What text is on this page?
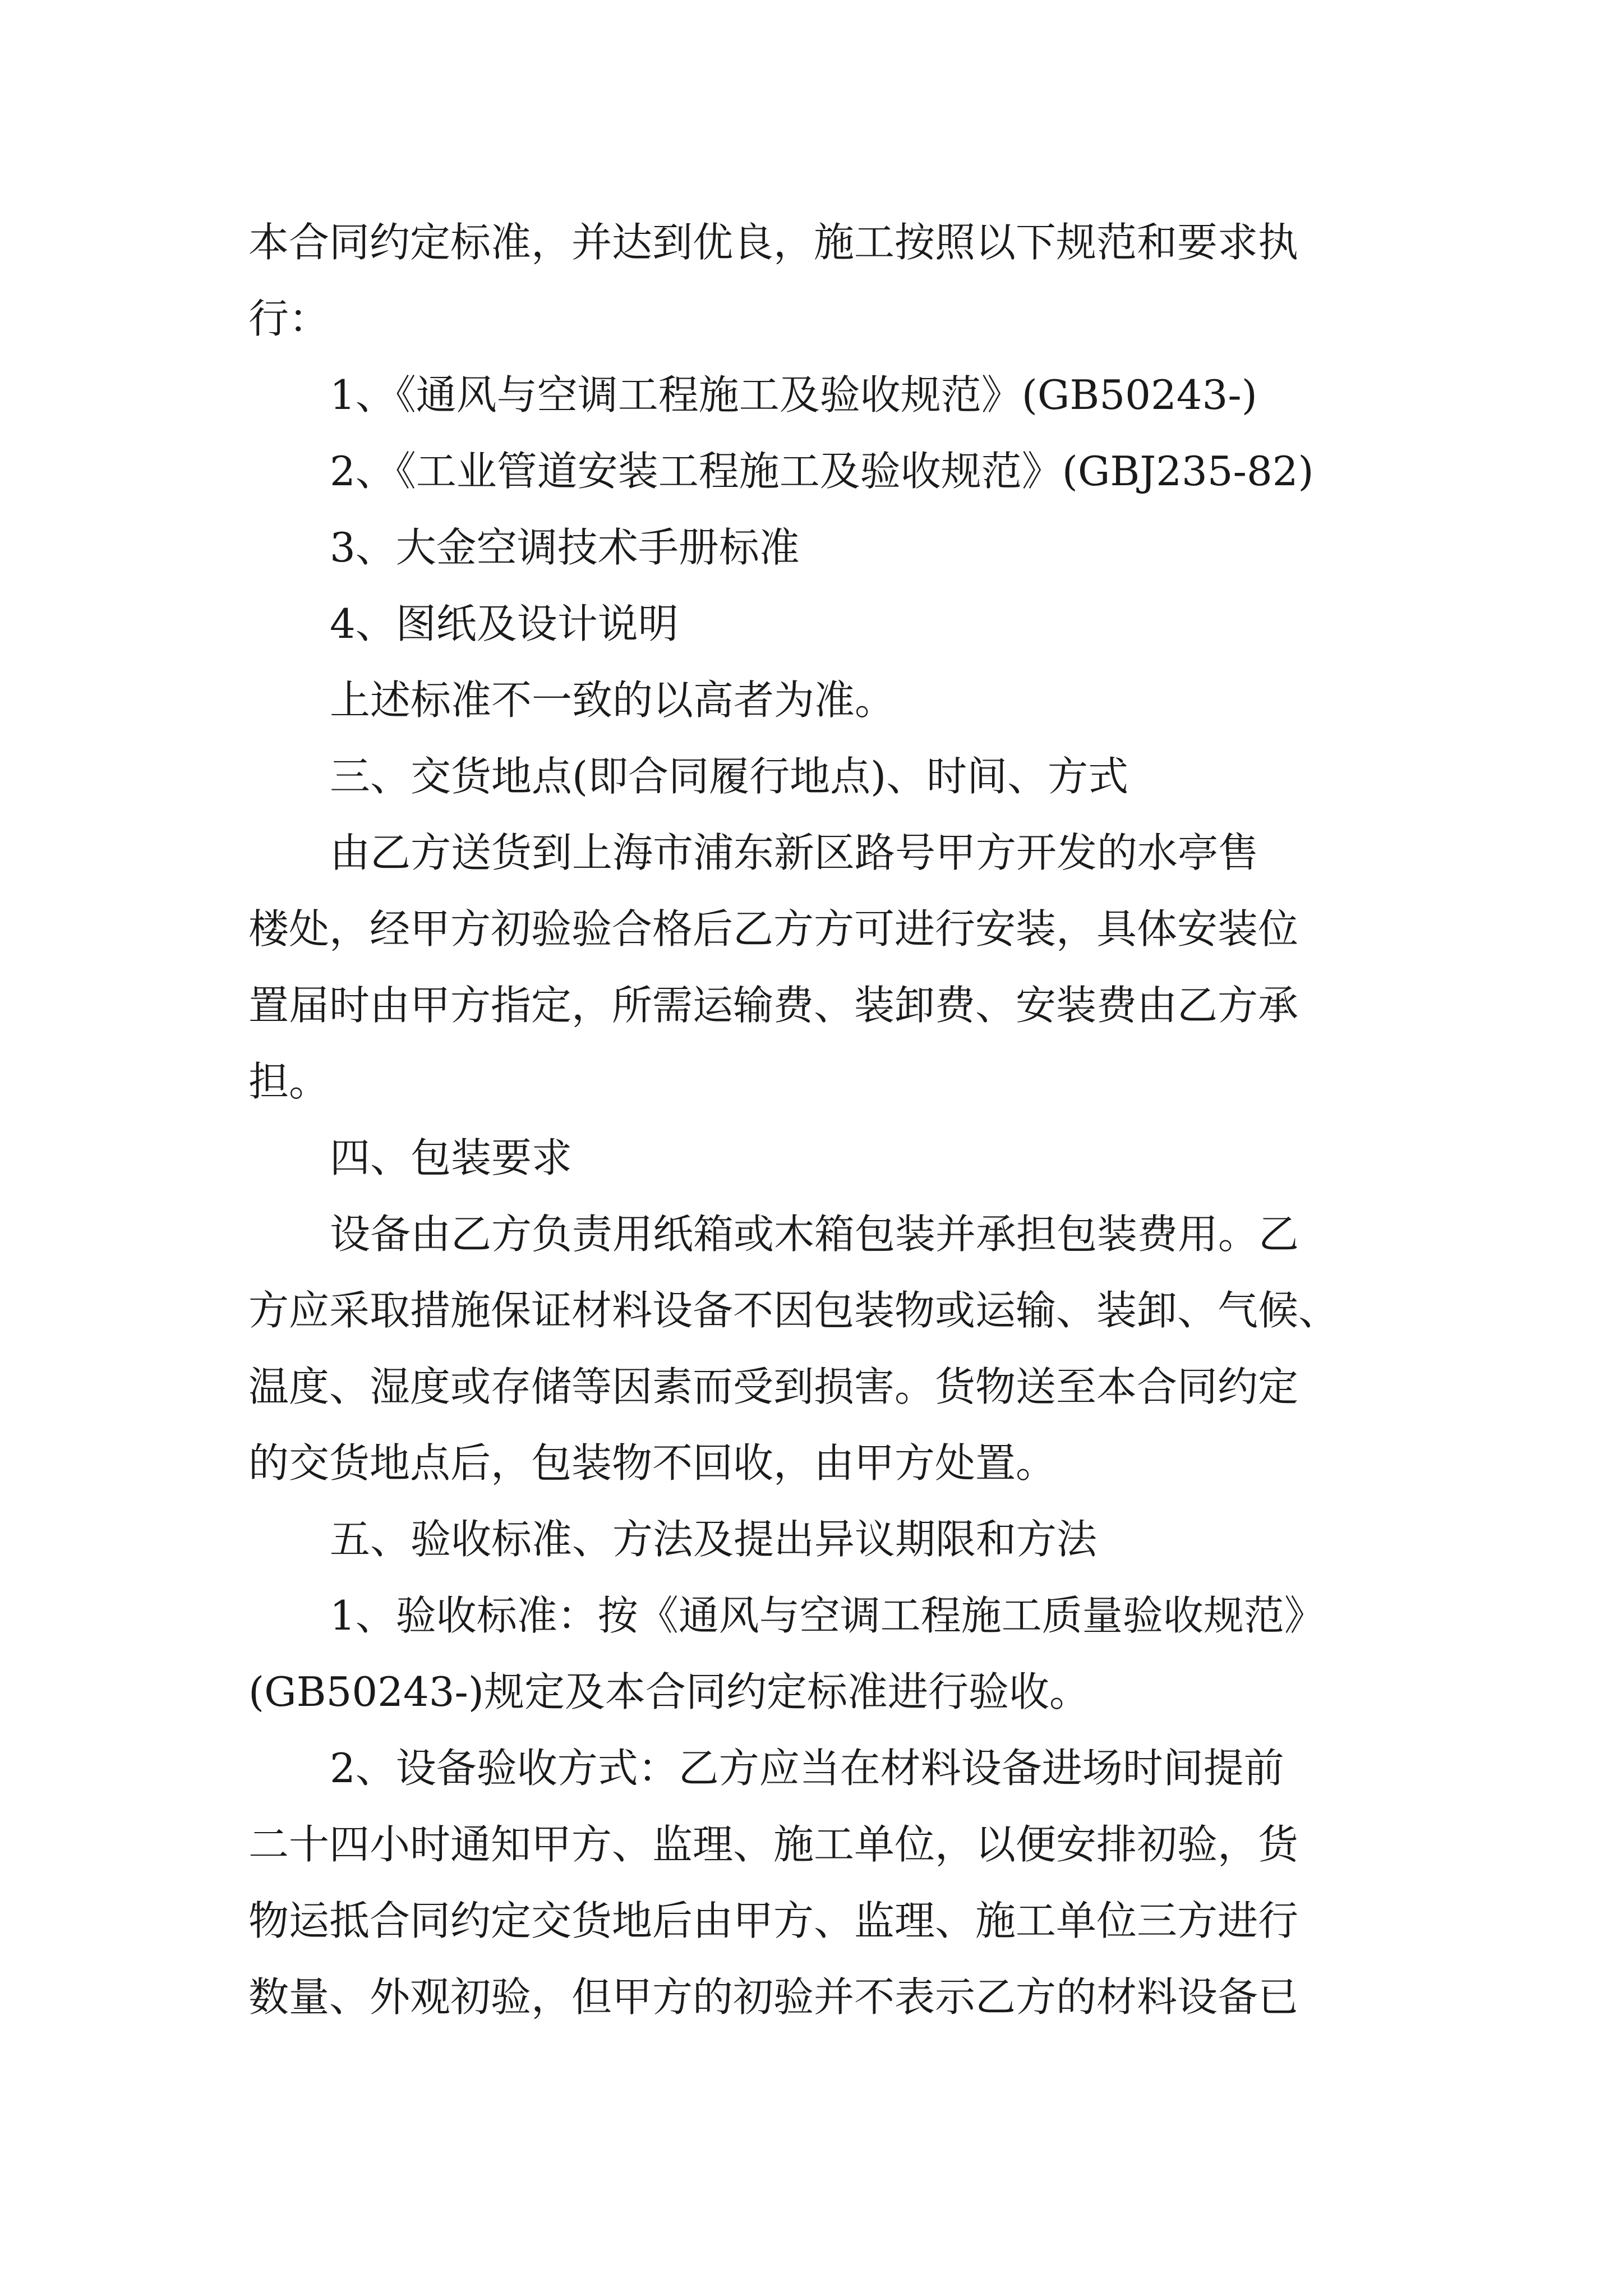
本合同约定标准，并达到优良，施工按照以下规范和要求执
行：
1、《通风与空调工程施工及验收规范》(GB50243-)
2、《工业管道安装工程施工及验收规范》(GBJ235-82)
3、大金空调技术手册标准
4、图纸及设计说明
上述标准不一致的以高者为准。
三、交货地点(即合同履行地点)、时间、方式
由乙方送货到上海市浦东新区路号甲方开发的水亭售
楼处，经甲方初验验合格后乙方方可进行安装，具体安装位
置届时由甲方指定，所需运输费、装卸费、安装费由乙方承
担。
四、包装要求
设备由乙方负责用纸箱或木箱包装并承担包装费用。乙
方应采取措施保证材料设备不因包装物或运输、装卸、气候、
温度、湿度或存储等因素而受到损害。货物送至本合同约定
的交货地点后，包装物不回收，由甲方处置。
五、验收标准、方法及提出异议期限和方法
1、验收标准：按《通风与空调工程施工质量验收规范》
(GB50243-)规定及本合同约定标准进行验收。
2、设备验收方式：乙方应当在材料设备进场时间提前
二十四小时通知甲方、监理、施工单位，以便安排初验，货
物运抵合同约定交货地后由甲方、监理、施工单位三方进行
数量、外观初验，但甲方的初验并不表示乙方的材料设备已
